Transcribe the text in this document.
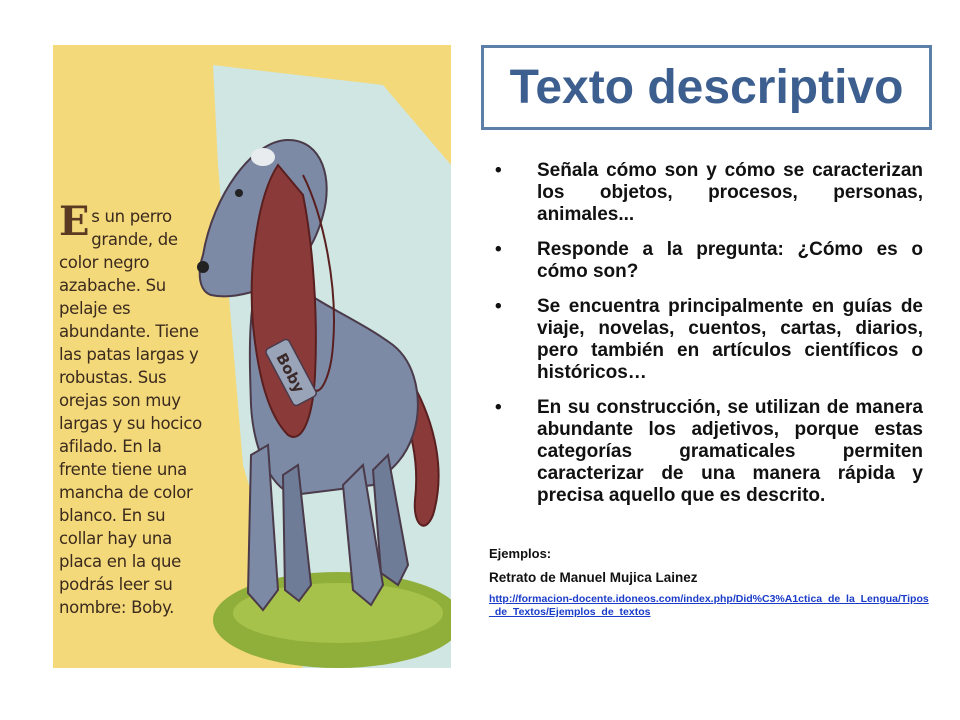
Boby
Es un perro grande, de color negro azabache. Su pelaje es abundante. Tiene las patas largas y robustas. Sus orejas son muy largas y su hocico afilado. En la frente tiene una mancha de color blanco. En su collar hay una placa en la que podrás leer su nombre: Boby.
Texto descriptivo
• Señala cómo son y cómo se caracterizan los objetos, procesos, personas, animales...
• Responde a la pregunta: ¿Cómo es o cómo son?
• Se encuentra principalmente en guías de viaje, novelas, cuentos, cartas, diarios, pero también en artículos científicos o históricos…
• En su construcción, se utilizan de manera abundante los adjetivos, porque estas categorías gramaticales permiten caracterizar de una manera rápida y precisa aquello que es descrito.
Ejemplos:
Retrato de Manuel Mujica Lainez
http://formacion-docente.idoneos.com/index.php/Did%C3%A1ctica_de_la_Lengua/Tipos_de_Textos/Ejemplos_de_textos
